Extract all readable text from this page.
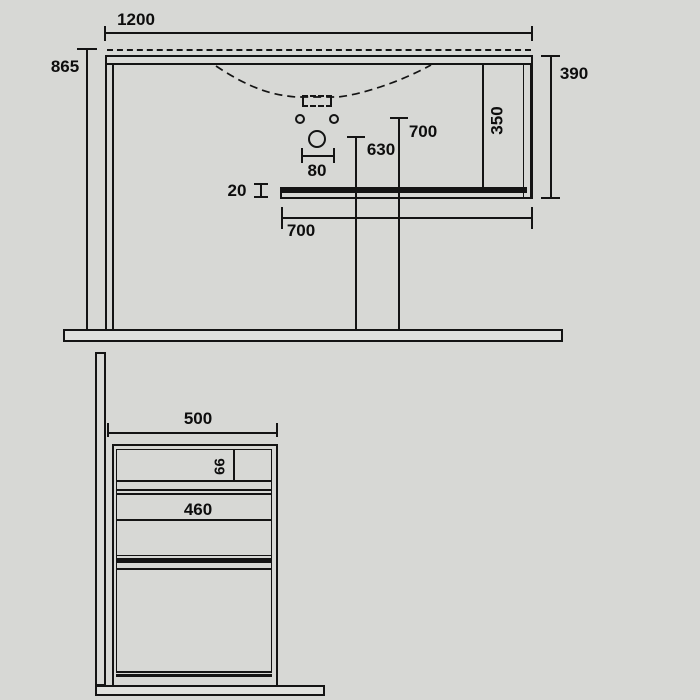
1200
865
350
80
20
700
630
700
390
500
66
460
